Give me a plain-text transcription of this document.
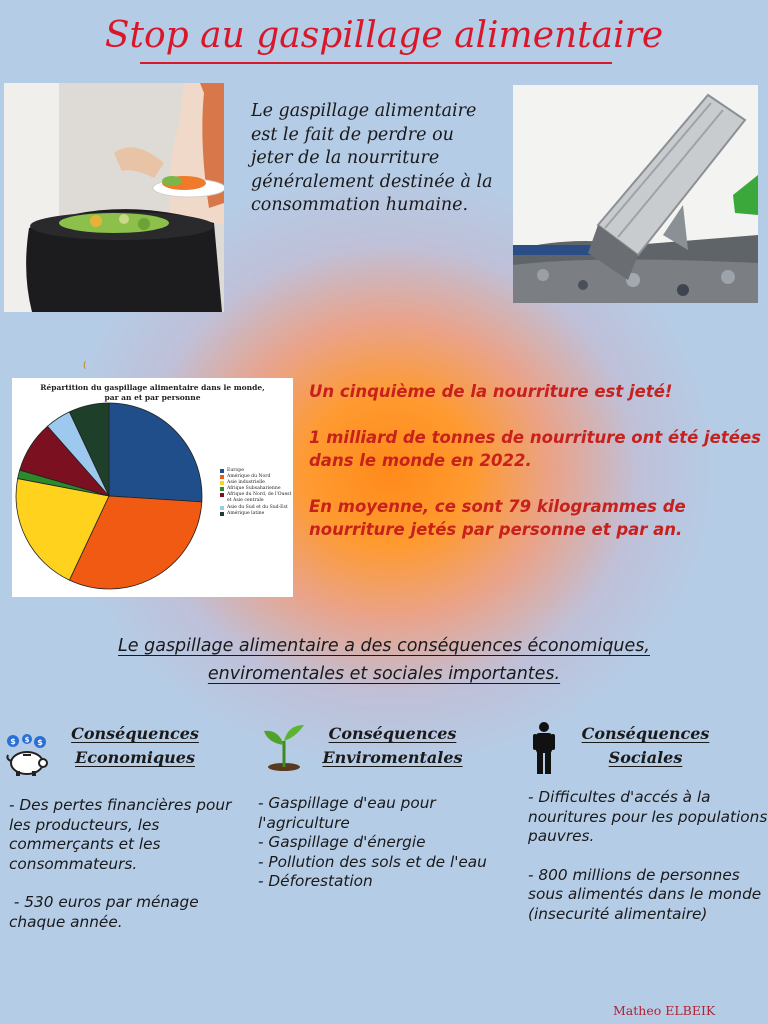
Stop au gaspillage alimentaire
Le gaspillage alimentaire est le fait de perdre ou jeter de la nourriture généralement destinée à la consommation humaine.
(
Répartition du gaspillage alimentaire dans le monde,
par an et par personne
Europe
Amérique du Nord
Asie industrielle
Afrique Subsaharienne
Afrique du Nord, de l'Ouest et Asie centrale
Asie du Sud et du Sud-Est
Amérique latine

Un cinquième de la nourriture est jeté!

1 milliard de tonnes de nourriture ont été jetées dans le monde en 2022.

En moyenne, ce sont 79 kilogrammes de nourriture jetés par personne et par an.

Le gaspillage alimentaire a des conséquences économiques,
enviromentales et sociales importantes.
$ $ $	Conséquences
Economiques
Conséquences
Enviromentales
Conséquences
Sociales
- Des pertes financières pour les producteurs, les commerçants et les consommateurs.
- 530 euros par ménage chaque année.
- Gaspillage d'eau pour l'agriculture
- Gaspillage d'énergie
- Pollution des sols et de l'eau
- Déforestation
- Difficultes d'accés à la nouritures pour les populations pauvres.
- 800 millions de personnes sous alimentés dans le monde (insecurité alimentaire)
Matheo ELBEIK
